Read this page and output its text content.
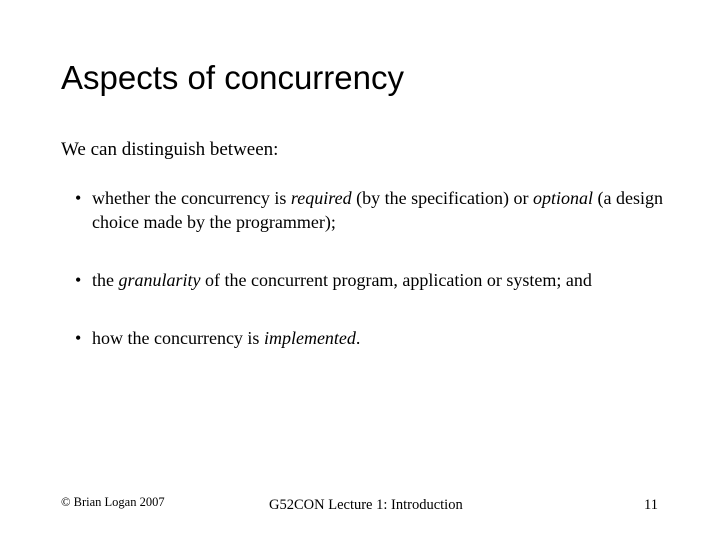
Aspects of concurrency
We can distinguish between:
• whether the concurrency is required (by the specification) or optional (a design choice made by the programmer);
• the granularity of the concurrent program, application or system; and
• how the concurrency is implemented.
© Brian Logan 2007	G52CON Lecture 1: Introduction	11
